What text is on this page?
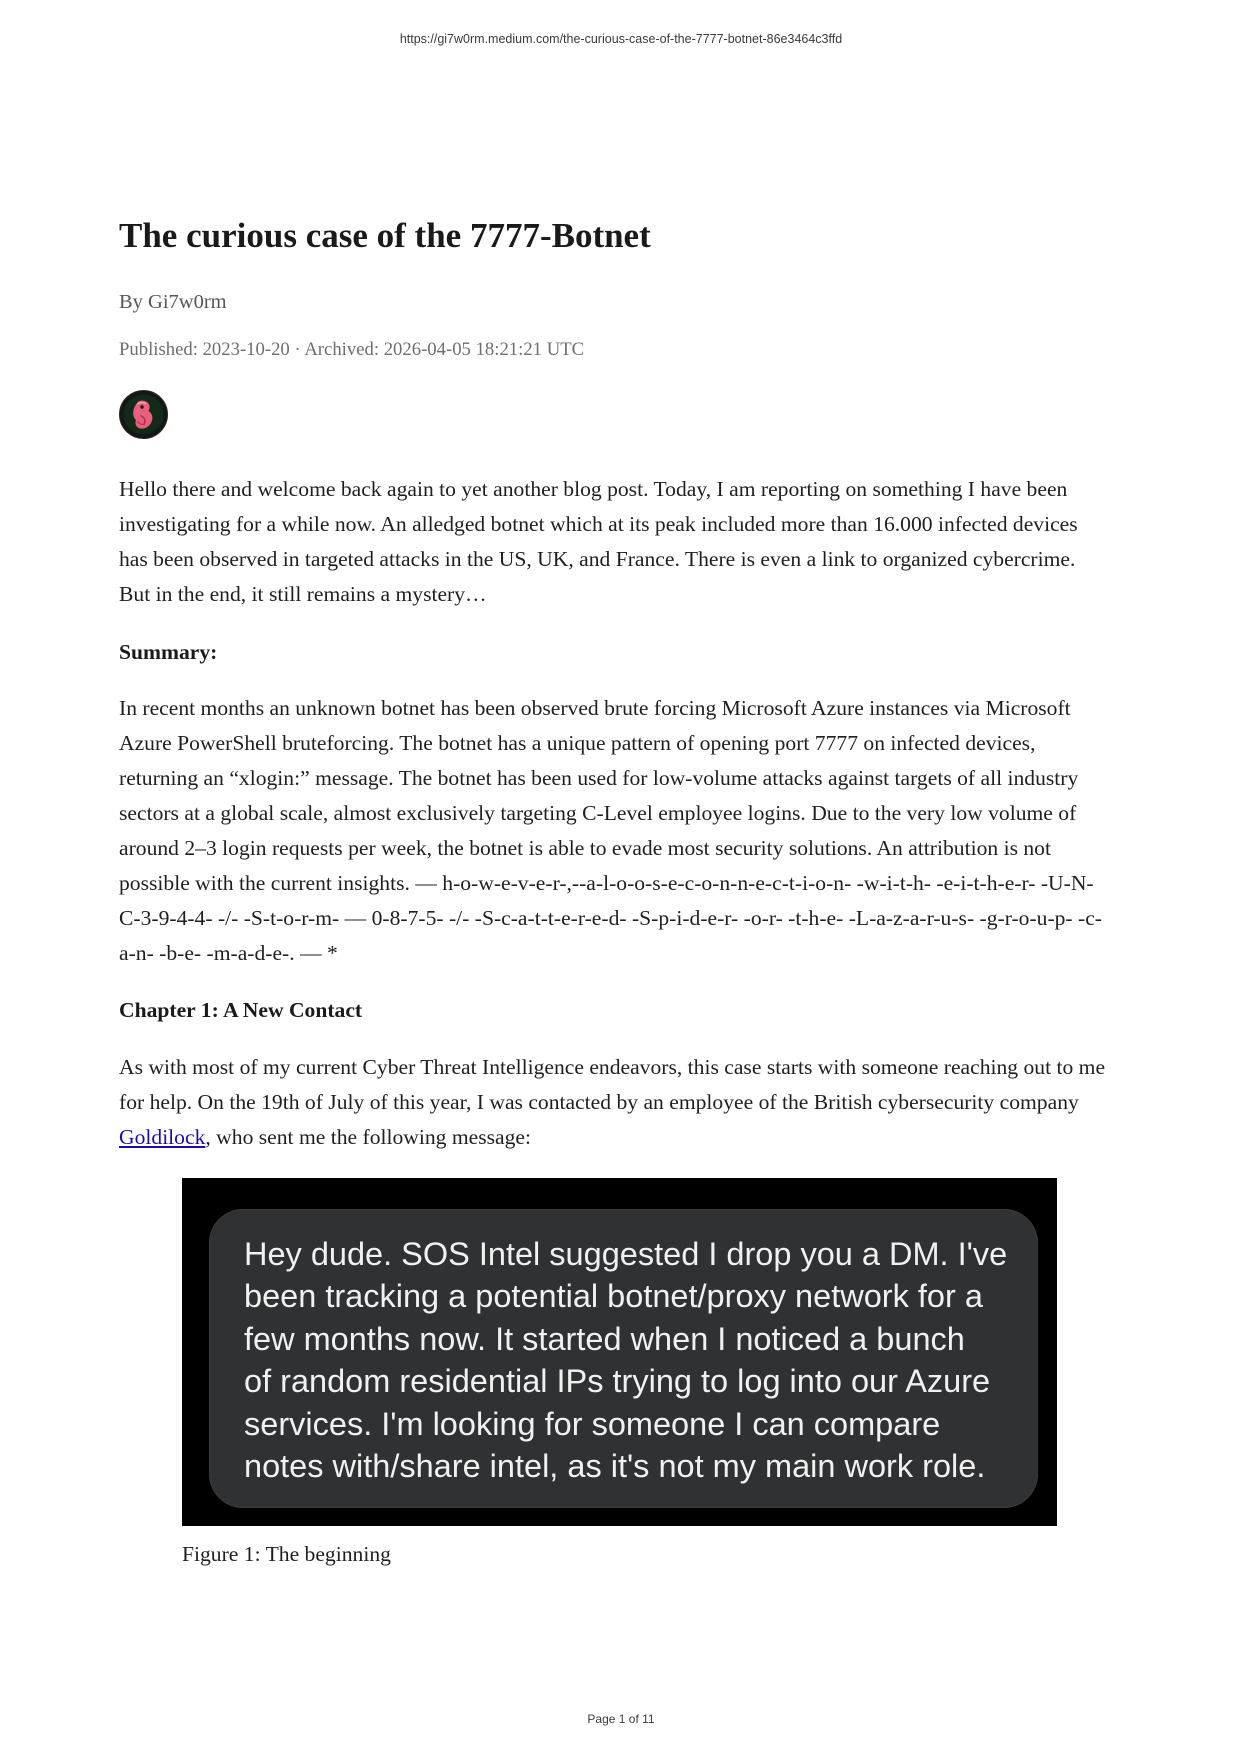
https://gi7w0rm.medium.com/the-curious-case-of-the-7777-botnet-86e3464c3ffd
The curious case of the 7777-Botnet
By Gi7w0rm
Published: 2023-10-20 · Archived: 2026-04-05 18:21:21 UTC
Hello there and welcome back again to yet another blog post. Today, I am reporting on something I have been
investigating for a while now. An alledged botnet which at its peak included more than 16.000 infected devices
has been observed in targeted attacks in the US, UK, and France. There is even a link to organized cybercrime.
But in the end, it still remains a mystery…
Summary:
In recent months an unknown botnet has been observed brute forcing Microsoft Azure instances via Microsoft
Azure PowerShell bruteforcing. The botnet has a unique pattern of opening port 7777 on infected devices,
returning an “xlogin:” message. The botnet has been used for low-volume attacks against targets of all industry
sectors at a global scale, almost exclusively targeting C-Level employee logins. Due to the very low volume of
around 2–3 login requests per week, the botnet is able to evade most security solutions. An attribution is not
possible with the current insights. — h-o-w-e-v-e-r-,--a-l-o-o-s-e-c-o-n-n-e-c-t-i-o-n- -w-i-t-h- -e-i-t-h-e-r- -U-N-
C-3-9-4-4- -/- -S-t-o-r-m- — 0-8-7-5- -/- -S-c-a-t-t-e-r-e-d- -S-p-i-d-e-r- -o-r- -t-h-e- -L-a-z-a-r-u-s- -g-r-o-u-p- -c-
a-n- -b-e- -m-a-d-e-. — *
Chapter 1: A New Contact
As with most of my current Cyber Threat Intelligence endeavors, this case starts with someone reaching out to me
for help. On the 19th of July of this year, I was contacted by an employee of the British cybersecurity company
Goldilock, who sent me the following message:
Hey dude. SOS Intel suggested I drop you a DM. I've
been tracking a potential botnet/proxy network for a
few months now. It started when I noticed a bunch
of random residential IPs trying to log into our Azure
services. I'm looking for someone I can compare
notes with/share intel, as it's not my main work role.
Figure 1: The beginning
Page 1 of 11
